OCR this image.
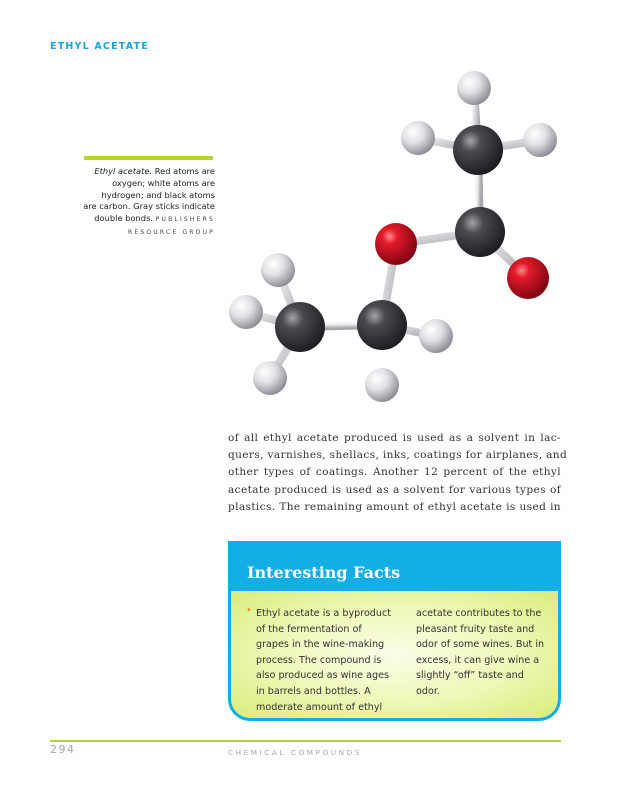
ETHYL ACETATE
Ethyl acetate. Red atoms are
oxygen; white atoms are
hydrogen; and black atoms
are carbon. Gray sticks indicate
double bonds. PUBLISHERS
RESOURCE GROUP
of all ethyl acetate produced is used as a solvent in lac-
quers, varnishes, shellacs, inks, coatings for airplanes, and
other types of coatings. Another 12 percent of the ethyl
acetate produced is used as a solvent for various types of
plastics. The remaining amount of ethyl acetate is used in
Interesting Facts
• Ethyl acetate is a byproduct
of the fermentation of
grapes in the wine-making
process. The compound is
also produced as wine ages
in barrels and bottles. A
moderate amount of ethyl
acetate contributes to the
pleasant fruity taste and
odor of some wines. But in
excess, it can give wine a
slightly “off” taste and
odor.
294	CHEMICAL COMPOUNDS
